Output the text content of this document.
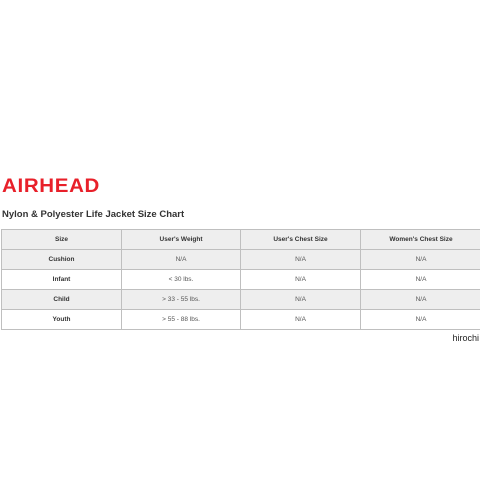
AIRHEAD
Nylon & Polyester Life Jacket Size Chart
Size	User's Weight	User's Chest Size	Women's Chest Size
Cushion	N/A	N/A	N/A
Infant	< 30 lbs.	N/A	N/A
Child	> 33 - 55 lbs.	N/A	N/A
Youth	> 55 - 88 lbs.	N/A	N/A
hirochi
